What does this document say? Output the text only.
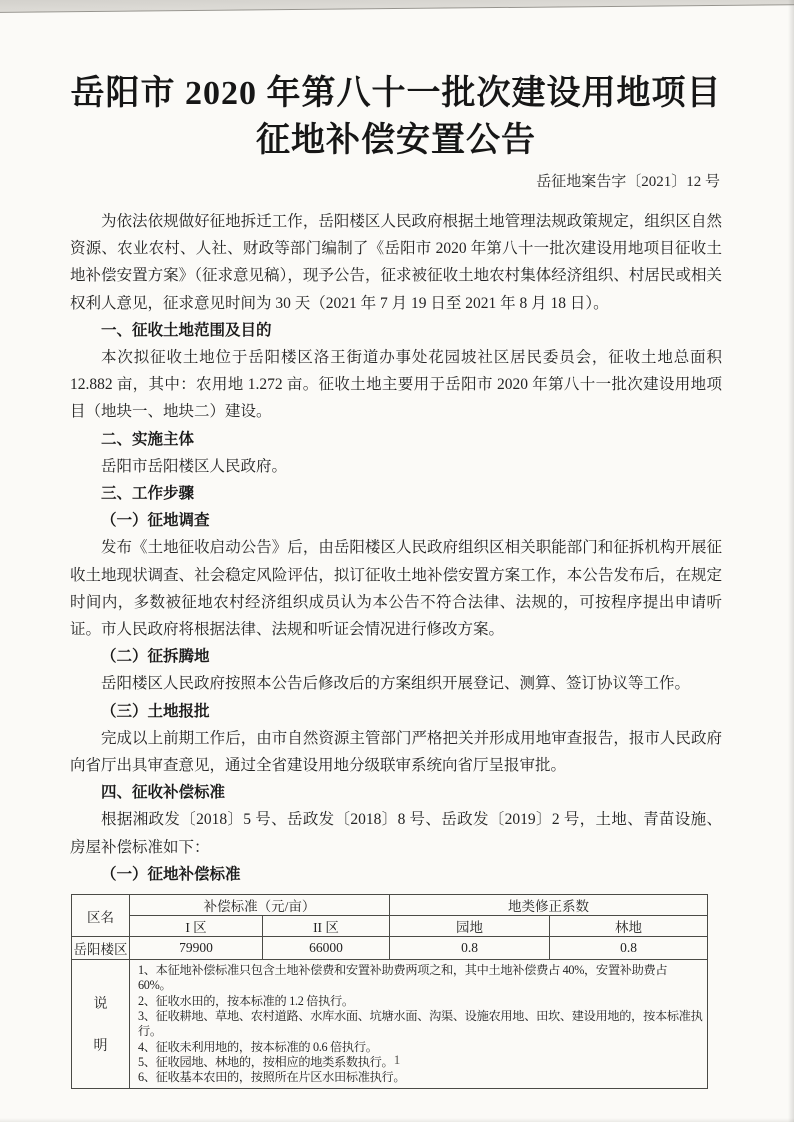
岳阳市 2020 年第八十一批次建设用地项目
征地补偿安置公告
岳征地案告字〔2021〕12 号
为依法依规做好征地拆迁工作，岳阳楼区人民政府根据土地管理法规政策规定，组织区自然资源、农业农村、人社、财政等部门编制了《岳阳市 2020 年第八十一批次建设用地项目征收土地补偿安置方案》（征求意见稿），现予公告，征求被征收土地农村集体经济组织、村居民或相关权利人意见，征求意见时间为 30 天（2021 年 7 月 19 日至 2021 年 8 月 18 日）。
一、征收土地范围及目的
本次拟征收土地位于岳阳楼区洛王街道办事处花园坡社区居民委员会，征收土地总面积 12.882 亩，其中：农用地 1.272 亩。征收土地主要用于岳阳市 2020 年第八十一批次建设用地项目（地块一、地块二）建设。
二、实施主体
岳阳市岳阳楼区人民政府。
三、工作步骤
（一）征地调查
发布《土地征收启动公告》后，由岳阳楼区人民政府组织区相关职能部门和征拆机构开展征收土地现状调查、社会稳定风险评估，拟订征收土地补偿安置方案工作，本公告发布后，在规定时间内，多数被征地农村经济组织成员认为本公告不符合法律、法规的，可按程序提出申请听证。市人民政府将根据法律、法规和听证会情况进行修改方案。
（二）征拆腾地
岳阳楼区人民政府按照本公告后修改后的方案组织开展登记、测算、签订协议等工作。
（三）土地报批
完成以上前期工作后，由市自然资源主管部门严格把关并形成用地审查报告，报市人民政府向省厅出具审查意见，通过全省建设用地分级联审系统向省厅呈报审批。
四、征收补偿标准
根据湘政发〔2018〕5 号、岳政发〔2018〕8 号、岳政发〔2019〕2 号，土地、青苗设施、房屋补偿标准如下：
（一）征地补偿标准
区名	补偿标准（元/亩）		地类修正系数	
	I 区	II 区	园地	林地
岳阳楼区	79900	66000	0.8	0.8

说
明

1、本征地补偿标准只包含土地补偿费和安置补助费两项之和，其中土地补偿费占 40%，安置补助费占 60%。
2、征收水田的，按本标准的 1.2 倍执行。
3、征收耕地、草地、农村道路、水库水面、坑塘水面、沟渠、设施农用地、田坎、建设用地的，按本标准执行。
4、征收未利用地的，按本标准的 0.6 倍执行。
5、征收园地、林地的，按相应的地类系数执行。
6、征收基本农田的，按照所在片区水田标准执行。
1
